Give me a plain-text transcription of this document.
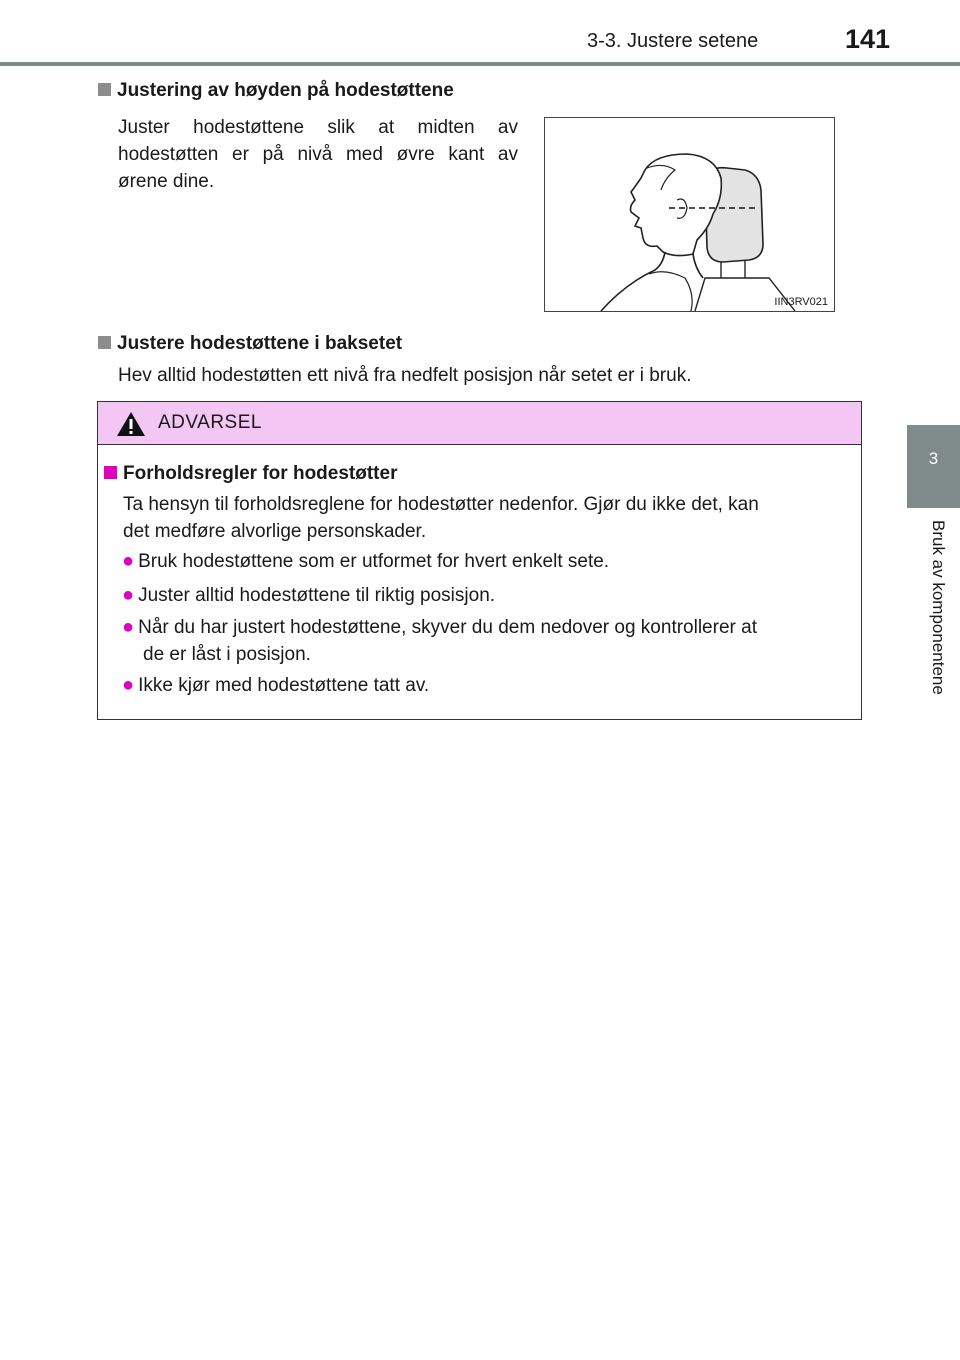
3-3. Justere setene	141
3
Bruk av komponentene
Justering av høyden på hodestøttene
Juster hodestøttene slik at midten av
hodestøtten er på nivå med øvre kant av
ørene dine.
IIN3RV021
Justere hodestøttene i baksetet
Hev alltid hodestøtten ett nivå fra nedfelt posisjon når setet er i bruk.
ADVARSEL
Forholdsregler for hodestøtter
Ta hensyn til forholdsreglene for hodestøtter nedenfor. Gjør du ikke det, kan
det medføre alvorlige personskader.
● Bruk hodestøttene som er utformet for hvert enkelt sete.
● Juster alltid hodestøttene til riktig posisjon.
● Når du har justert hodestøttene, skyver du dem nedover og kontrollerer at
de er låst i posisjon.
● Ikke kjør med hodestøttene tatt av.
